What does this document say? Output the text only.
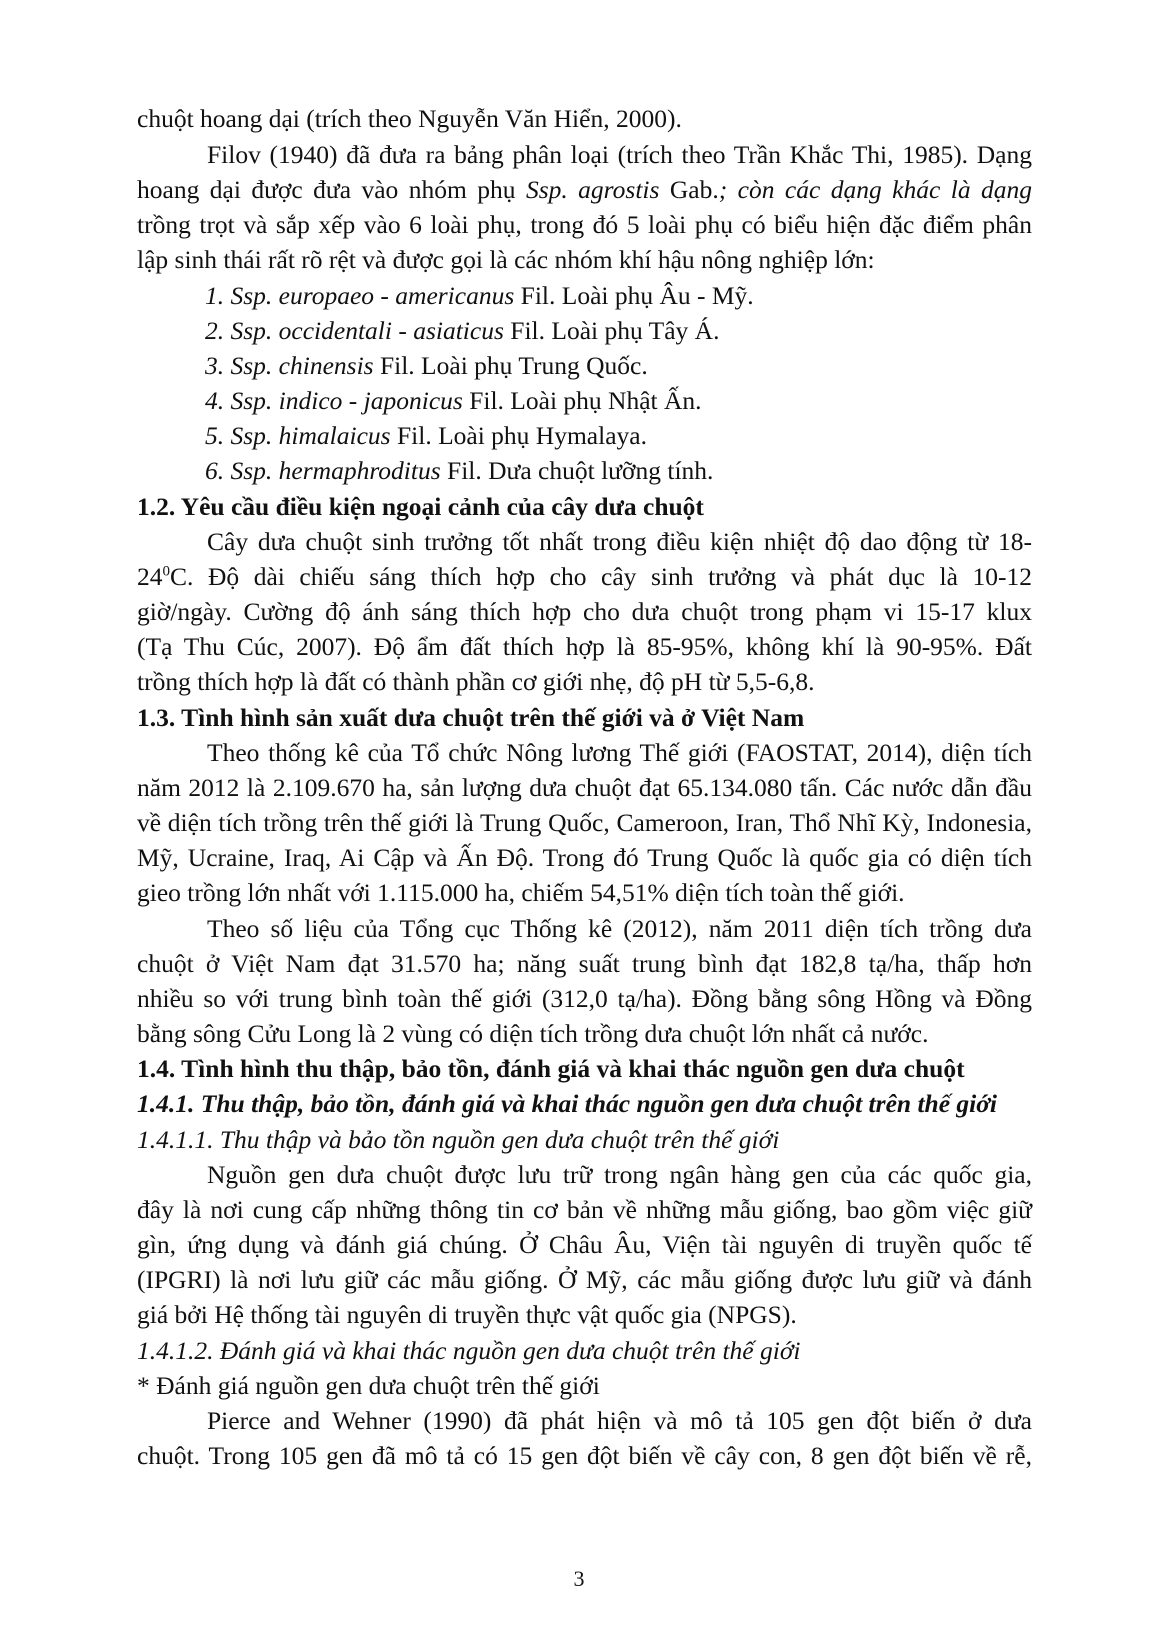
chuột hoang dại (trích theo Nguyễn Văn Hiển, 2000).
Filov (1940) đã đưa ra bảng phân loại (trích theo Trần Khắc Thi, 1985). Dạng
hoang dại được đưa vào nhóm phụ Ssp. agrostis Gab.; còn các dạng khác là dạng
trồng trọt và sắp xếp vào 6 loài phụ, trong đó 5 loài phụ có biểu hiện đặc điểm phân
lập sinh thái rất rõ rệt và được gọi là các nhóm khí hậu nông nghiệp lớn:
1. Ssp. europaeo - americanus Fil. Loài phụ Âu - Mỹ.
2. Ssp. occidentali - asiaticus Fil. Loài phụ Tây Á.
3. Ssp. chinensis Fil. Loài phụ Trung Quốc.
4. Ssp. indico - japonicus Fil. Loài phụ Nhật Ấn.
5. Ssp. himalaicus Fil. Loài phụ Hymalaya.
6. Ssp. hermaphroditus Fil. Dưa chuột lưỡng tính.
1.2. Yêu cầu điều kiện ngoại cảnh của cây dưa chuột
Cây dưa chuột sinh trưởng tốt nhất trong điều kiện nhiệt độ dao động từ 18-
$24^0C$. Độ dài chiếu sáng thích hợp cho cây sinh trưởng và phát dục là 10-12
giờ/ngày. Cường độ ánh sáng thích hợp cho dưa chuột trong phạm vi 15-17 klux
(Tạ Thu Cúc, 2007). Độ ẩm đất thích hợp là 85-95%, không khí là 90-95%. Đất
trồng thích hợp là đất có thành phần cơ giới nhẹ, độ pH từ 5,5-6,8.
1.3. Tình hình sản xuất dưa chuột trên thế giới và ở Việt Nam
Theo thống kê của Tổ chức Nông lương Thế giới (FAOSTAT, 2014), diện tích
năm 2012 là 2.109.670 ha, sản lượng dưa chuột đạt 65.134.080 tấn. Các nước dẫn đầu
về diện tích trồng trên thế giới là Trung Quốc, Cameroon, Iran, Thổ Nhĩ Kỳ, Indonesia,
Mỹ, Ucraine, Iraq, Ai Cập và Ấn Độ. Trong đó Trung Quốc là quốc gia có diện tích
gieo trồng lớn nhất với 1.115.000 ha, chiếm 54,51% diện tích toàn thế giới.
Theo số liệu của Tổng cục Thống kê (2012), năm 2011 diện tích trồng dưa
chuột ở Việt Nam đạt 31.570 ha; năng suất trung bình đạt 182,8 tạ/ha, thấp hơn
nhiều so với trung bình toàn thế giới (312,0 tạ/ha). Đồng bằng sông Hồng và Đồng
bằng sông Cửu Long là 2 vùng có diện tích trồng dưa chuột lớn nhất cả nước.
1.4. Tình hình thu thập, bảo tồn, đánh giá và khai thác nguồn gen dưa chuột
1.4.1. Thu thập, bảo tồn, đánh giá và khai thác nguồn gen dưa chuột trên thế giới
1.4.1.1. Thu thập và bảo tồn nguồn gen dưa chuột trên thế giới
Nguồn gen dưa chuột được lưu trữ trong ngân hàng gen của các quốc gia,
đây là nơi cung cấp những thông tin cơ bản về những mẫu giống, bao gồm việc giữ
gìn, ứng dụng và đánh giá chúng. Ở Châu Âu, Viện tài nguyên di truyền quốc tế
(IPGRI) là nơi lưu giữ các mẫu giống. Ở Mỹ, các mẫu giống được lưu giữ và đánh
giá bởi Hệ thống tài nguyên di truyền thực vật quốc gia (NPGS).
1.4.1.2. Đánh giá và khai thác nguồn gen dưa chuột trên thế giới
* Đánh giá nguồn gen dưa chuột trên thế giới
Pierce and Wehner (1990) đã phát hiện và mô tả 105 gen đột biến ở dưa
chuột. Trong 105 gen đã mô tả có 15 gen đột biến về cây con, 8 gen đột biến về rễ,
3
